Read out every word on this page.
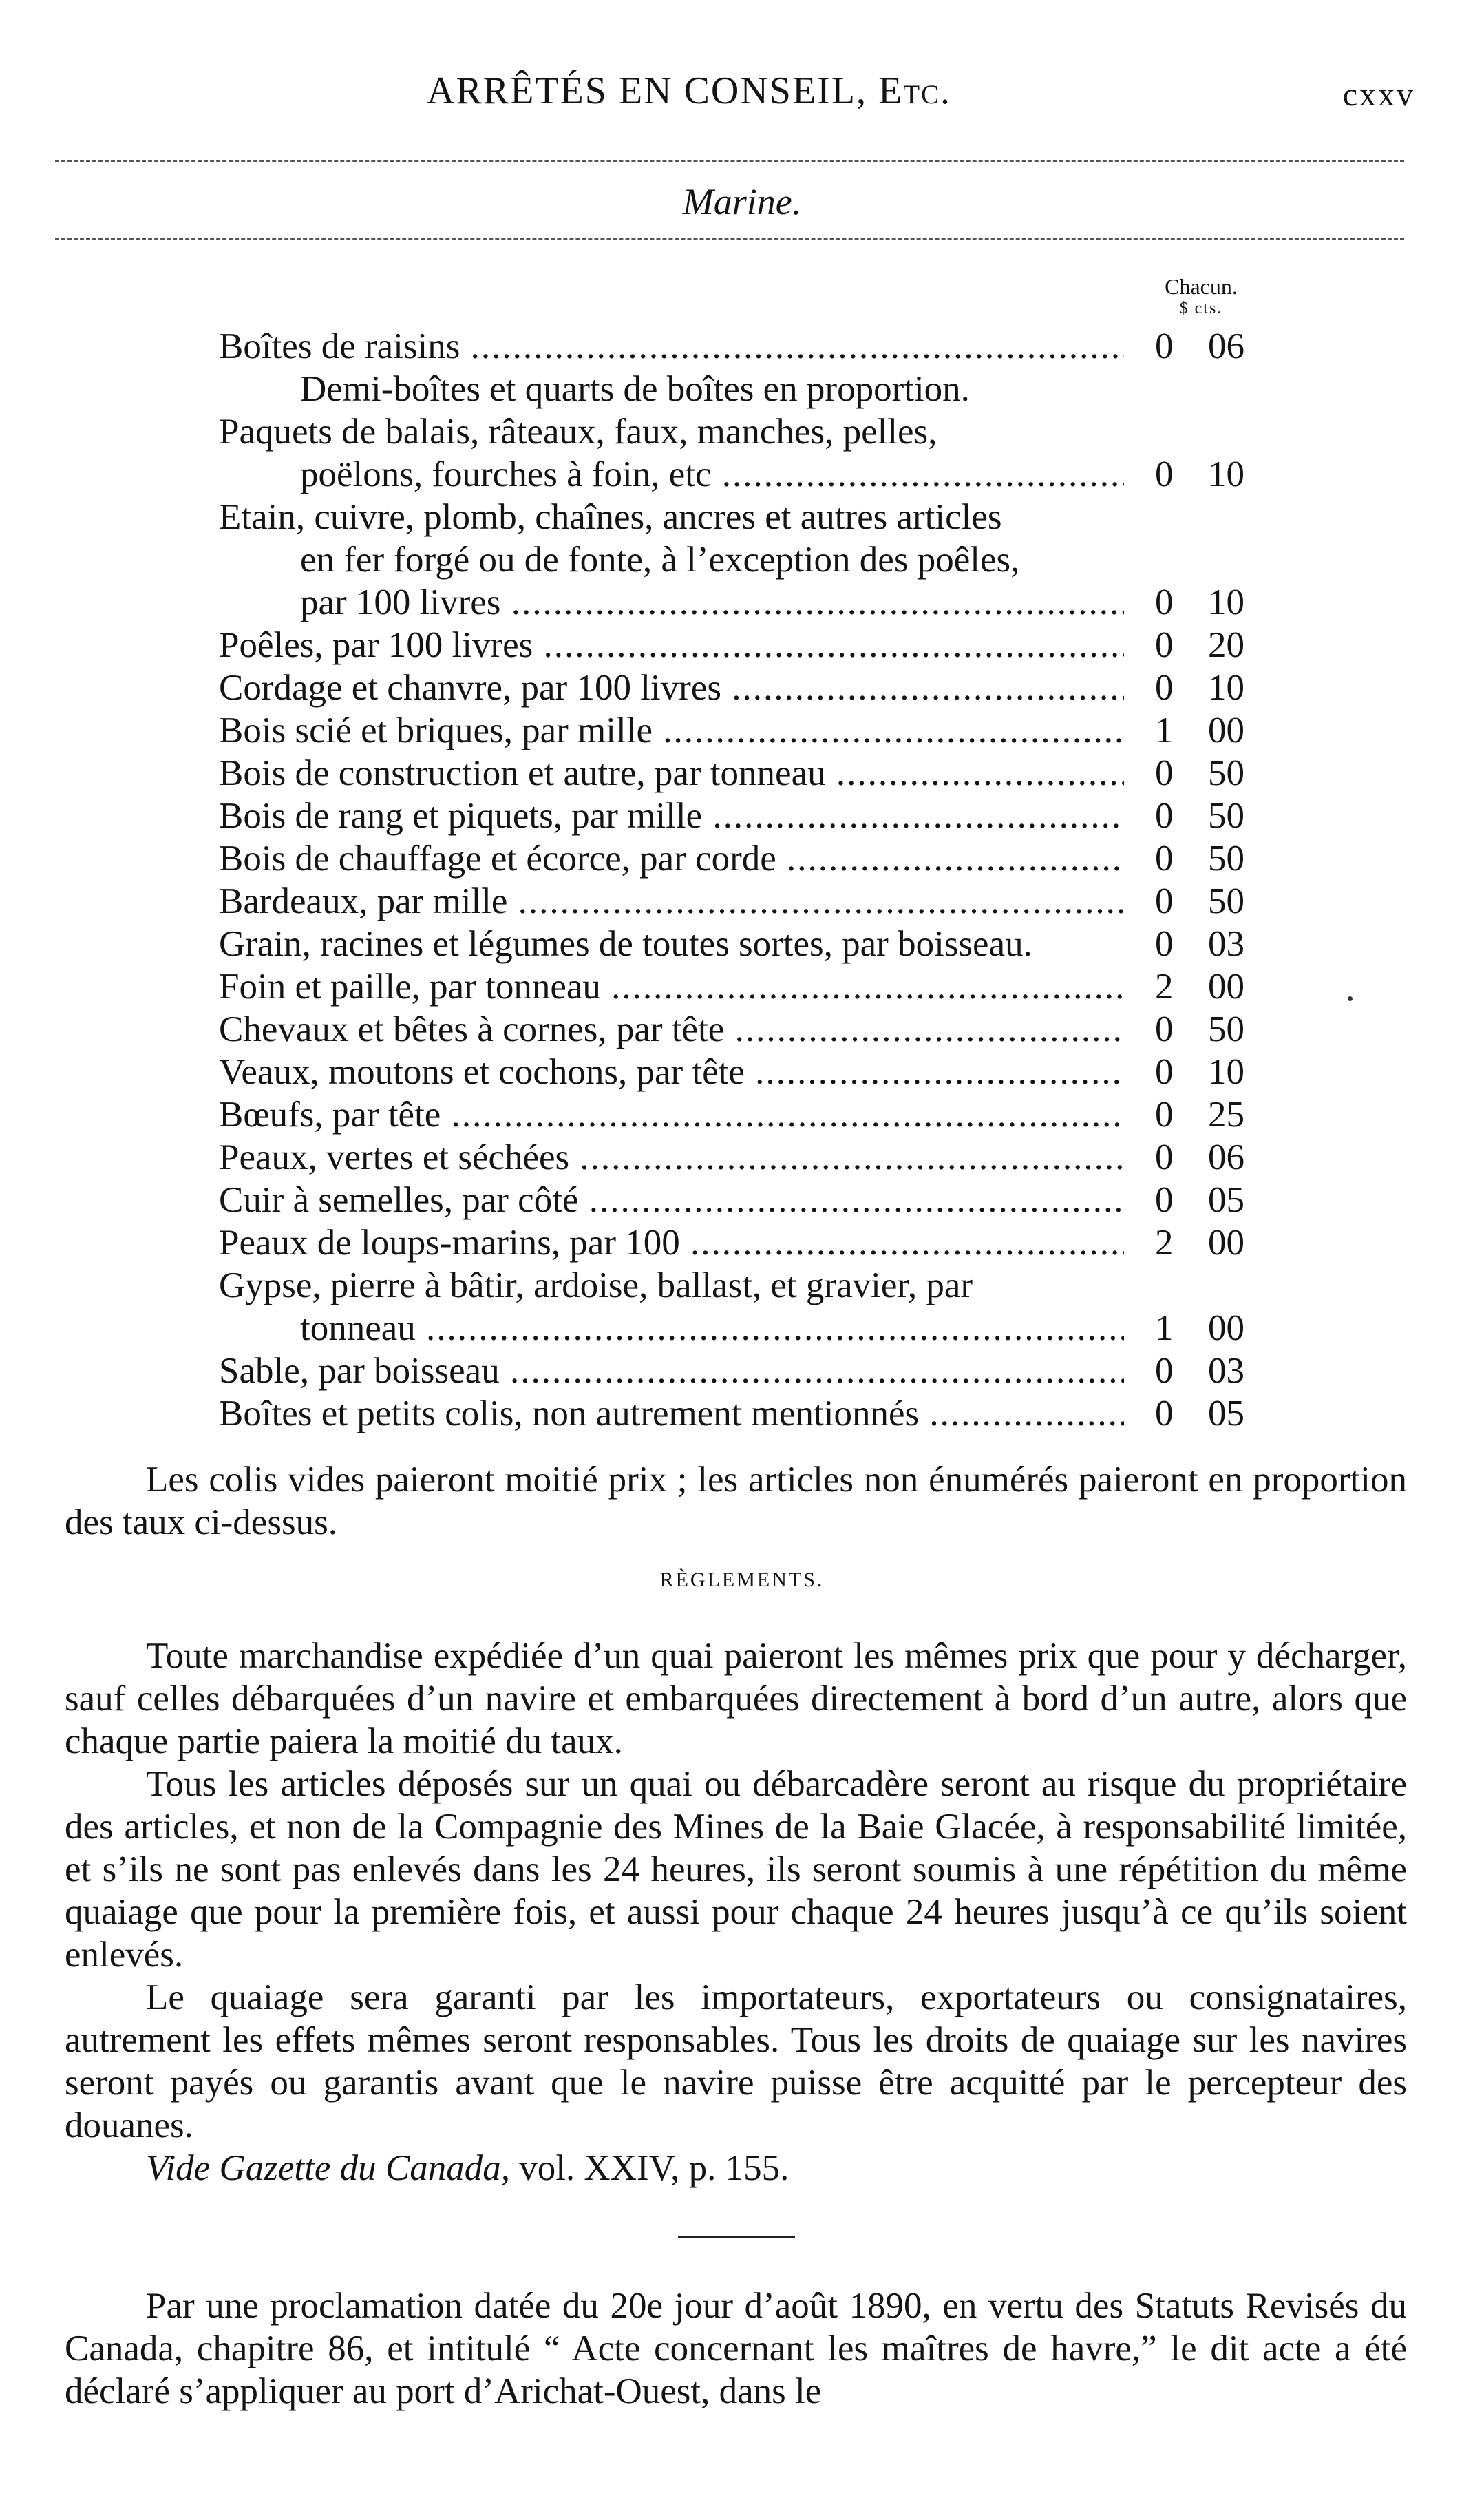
ARRÊTÉS EN CONSEIL, Etc.	cxxv
Marine.
Chacun.
$ cts.
Boîtes de raisins .....	0 06
Demi-boîtes et quarts de boîtes en proportion.
Paquets de balais, râteaux, faux, manches, pelles,
poëlons, fourches à foin, etc .....	0 10
Etain, cuivre, plomb, chaînes, ancres et autres articles
en fer forgé ou de fonte, à l’exception des poêles,
par 100 livres .....	0 10
Poêles, par 100 livres .....	0 20
Cordage et chanvre, par 100 livres .....	0 10
Bois scié et briques, par mille .....	1 00
Bois de construction et autre, par tonneau .....	0 50
Bois de rang et piquets, par mille .....	0 50
Bois de chauffage et écorce, par corde .....	0 50
Bardeaux, par mille .....	0 50
Grain, racines et légumes de toutes sortes, par boisseau.	0 03
Foin et paille, par tonneau .....	2 00
Chevaux et bêtes à cornes, par tête .....	0 50
Veaux, moutons et cochons, par tête .....	0 10
Bœufs, par tête .....	0 25
Peaux, vertes et séchées .....	0 06
Cuir à semelles, par côté .....	0 05
Peaux de loups-marins, par 100 .....	2 00
Gypse, pierre à bâtir, ardoise, ballast, et gravier, par
tonneau .....	1 00
Sable, par boisseau .....	0 03
Boîtes et petits colis, non autrement mentionnés .....	0 05

Les colis vides paieront moitié prix ; les articles non énumérés paieront en proportion des taux ci-dessus.

RÈGLEMENTS.

Toute marchandise expédiée d’un quai paieront les mêmes prix que pour y décharger, sauf celles débarquées d’un navire et embarquées directement à bord d’un autre, alors que chaque partie paiera la moitié du taux.

Tous les articles déposés sur un quai ou débarcadère seront au risque du propriétaire des articles, et non de la Compagnie des Mines de la Baie Glacée, à responsabilité limitée, et s’ils ne sont pas enlevés dans les 24 heures, ils seront soumis à une répétition du même quaiage que pour la première fois, et aussi pour chaque 24 heures jusqu’à ce qu’ils soient enlevés.

Le quaiage sera garanti par les importateurs, exportateurs ou consignataires, autrement les effets mêmes seront responsables. Tous les droits de quaiage sur les navires seront payés ou garantis avant que le navire puisse être acquitté par le percepteur des douanes.

Vide Gazette du Canada, vol. XXIV, p. 155.

Par une proclamation datée du 20e jour d’août 1890, en vertu des Statuts Revisés du Canada, chapitre 86, et intitulé “ Acte concernant les maîtres de havre,” le dit acte a été déclaré s’appliquer au port d’Arichat-Ouest, dans le
